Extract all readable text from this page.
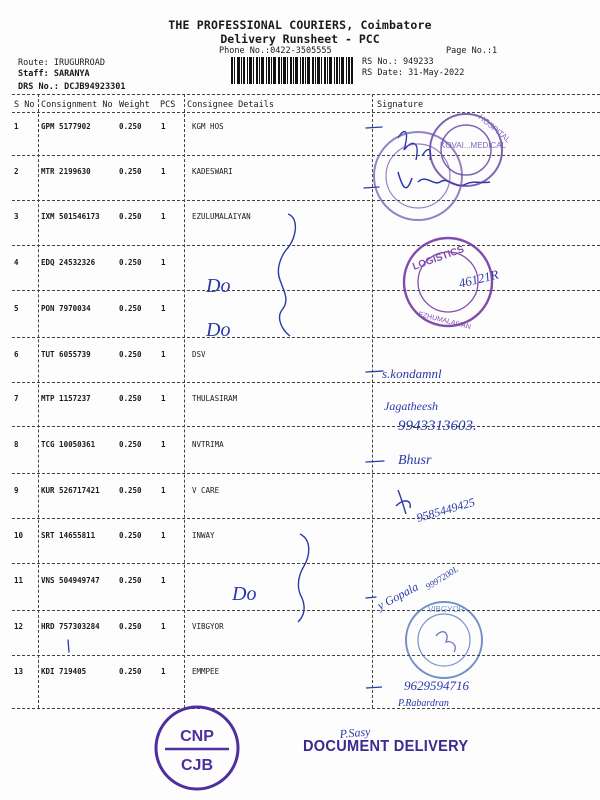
THE PROFESSIONAL COURIERS, Coimbatore
Delivery Runsheet - PCC
Phone No.:0422-3505555	Page No.:1
Route: IRUGURROAD
Staff: SARANYA
DRS No.: DCJB94923301
RS No.: 949233
RS Date: 31-May-2022
S No Consignment No Weight PCS Consignee Details	Signature
1	GPM 5177902	0.250	1	KGM HOS
2	MTR 2199630	0.250	1	KADESWARI
3	IXM 501546173	0.250	1	EZULUMALAIYAN
4	EDQ 24532326	0.250	1
5	PON 7970034	0.250	1
6	TUT 6055739	0.250	1	DSV
7	MTP 1157237	0.250	1	THULASIRAM
8	TCG 10050361	0.250	1	NVTRIMA
9	KUR 526717421	0.250	1	V CARE
10 SRT 14655811	0.250	1	INWAY
11 VNS 504949747	0.250	1
12 HRD 757303284	0.250	1	VIBGYOR
13 KDI 719405	0.250	1	EMMPEE
Do
Do
Do
46121R
s.kondamnl
Jagatheesh
9943313603.
Bhusr
9585449425
y Gopala
9997200L
9629594716
P.Rabardran
P.Sasy
HOSPITAL
KOVAI...MEDICAL
LOGISTICS
EZHUMALAIYAN
VIBGYOR
CNP
CJB
DOCUMENT DELIVERY
